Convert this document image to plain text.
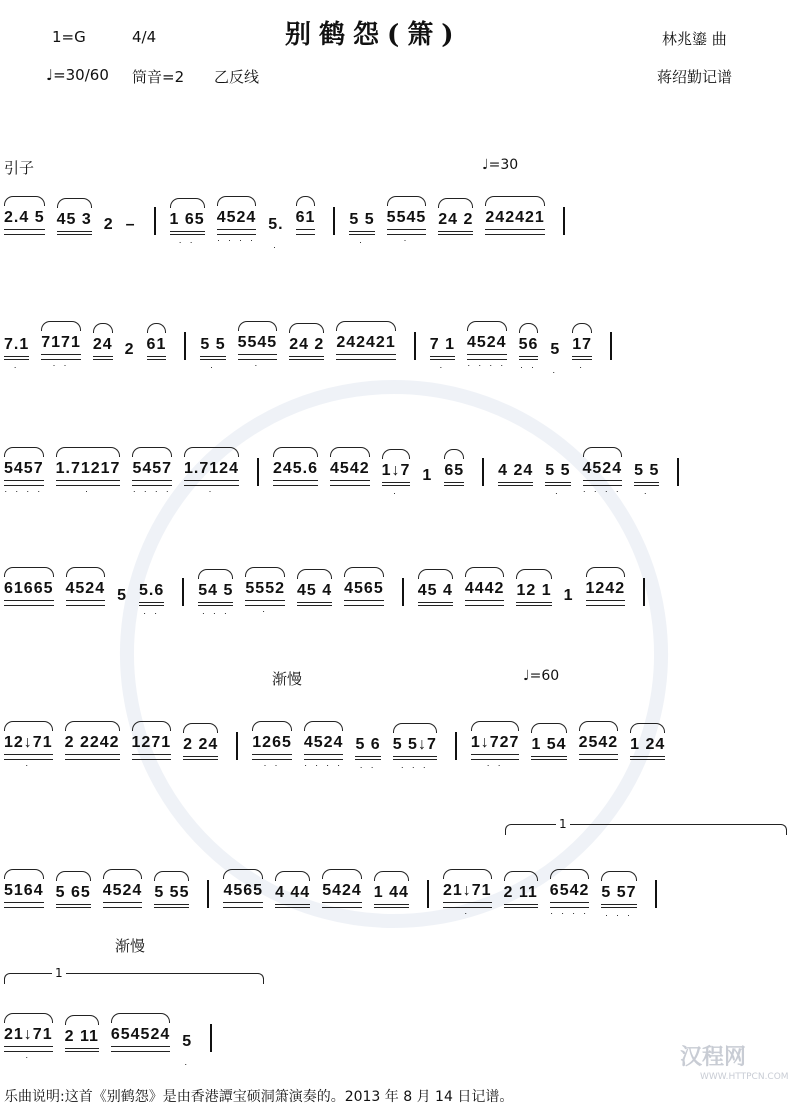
1=G	4/4	别鹤怨(箫)	林兆鎏 曲
♩=30/60 筒音=2 乙反线	蒋绍勤记谱
引子	♩=30
渐慢	♩=60
渐慢
1
1
2.4 5 45 3 2 – 1 65
. .
4524
. . . .
5.
.
61 5 5
.
5545
.
24 2 242421
7.1
.
7171
. .
24 2 61 5 5
.
5545
.
24 2 242421 7 1
.
4524
. . . .
56
. .
5
.
17
.
5457
. . . .
1.71217
.
5457
. . . .
1.7124
.
245.6 4542 1↓7
.
1 65 4 24 5 5
.
4524
. . . .
5 5
.
61665 4524 5 5.6
. .
54 5
. . .
5552
.
45 4 4565 45 4 4442 12 1 1 1242
12↓71
.
2 2242 1271 2 24 1265
. .
4524
. . . .
5 6
. .
5 5↓7
. . .
1↓727
. .
1 54 2542 1 24
5164 5 65 4524 5 55 4565 4 44 5424 1 44 21↓71
.
2 11 6542
. . . .
5 57
. . .
21↓71
.
2 11 654524 5
.	汉程网
WWW.HTTPCN.COM
乐曲说明:这首《别鹤怨》是由香港譚宝硕洞箫演奏的。2013 年 8 月 14 日记谱。
